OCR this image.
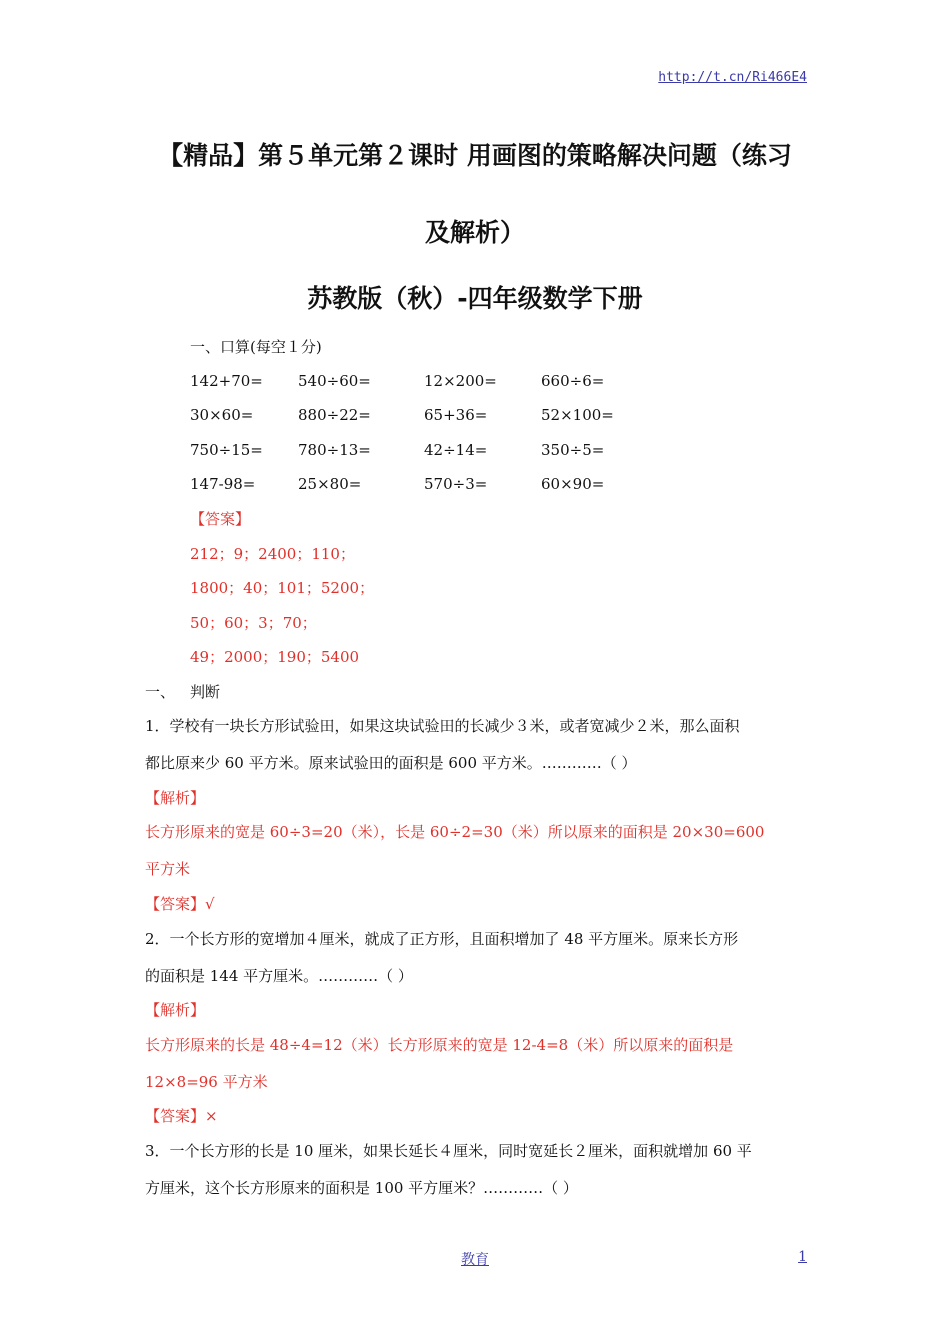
http://t.cn/Ri466E4
【精品】第５单元第２课时 用画图的策略解决问题（练习
及解析）
苏教版（秋）-四年级数学下册
一、口算(每空１分)
142+70= 540÷60=	12×200=	660÷6=
30×60=	880÷22=	65+36=	52×100=
750÷15= 780÷13=	42÷14=	350÷5=
147-98=	25×80=	570÷3=	60×90=
【答案】
212；9；2400；110；
1800；40；101；5200；
50；60；3；70；
49；2000；190；5400
一、 判断
1．学校有一块长方形试验田，如果这块试验田的长减少３米，或者宽减少２米，那么面积
都比原来少 60 平方米。原来试验田的面积是 600 平方米。…………（ ）
【解析】
长方形原来的宽是 60÷3=20（米），长是 60÷2=30（米）所以原来的面积是 20×30=600
平方米
【答案】√
2．一个长方形的宽增加４厘米，就成了正方形，且面积增加了 48 平方厘米。原来长方形
的面积是 144 平方厘米。…………（ ）
【解析】
长方形原来的长是 48÷4=12（米）长方形原来的宽是 12-4=8（米）所以原来的面积是
12×8=96 平方米
【答案】×
3．一个长方形的长是 10 厘米，如果长延长４厘米，同时宽延长２厘米，面积就增加 60 平
方厘米，这个长方形原来的面积是 100 平方厘米？…………（ ）
教育	1
